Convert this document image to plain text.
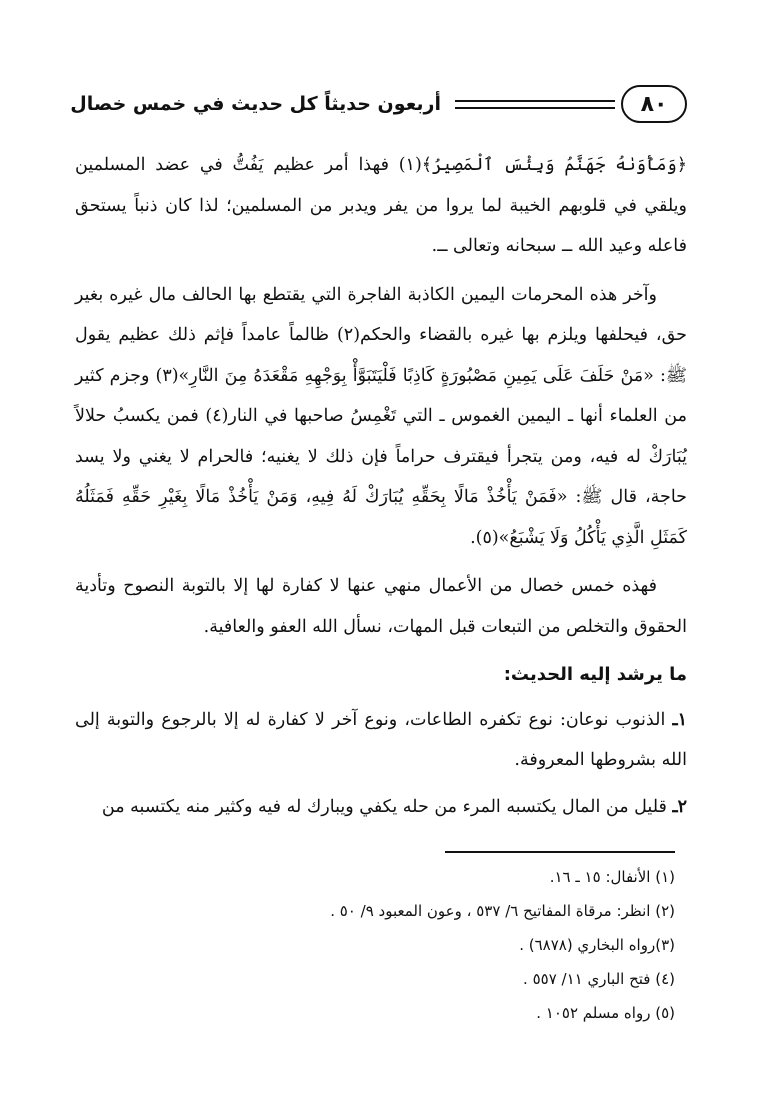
٨٠
أربعون حديثاً كل حديث في خمس خصال

﴿وَمَأْوَىٰهُ جَهَنَّمُ وَبِئْسَ ٱلْمَصِيرُ﴾(١) فهذا أمر عظيم يَفُتُّ في عضد المسلمين ويلقي في قلوبهم الخيبة لما يروا من يفر ويدبر من المسلمين؛ لذا كان ذنباً يستحق فاعله وعيد الله ــ سبحانه وتعالى ــ.

وآخر هذه المحرمات اليمين الكاذبة الفاجرة التي يقتطع بها الحالف مال غيره بغير حق، فيحلفها ويلزم بها غيره بالقضاء والحكم(٢) ظالماً عامداً فإثم ذلك عظيم يقول ﷺ: «مَنْ حَلَفَ عَلَى يَمِينِ مَصْبُورَةٍ كَاذِبًا فَلْيَتَبَوَّأْ بِوَجْهِهِ مَقْعَدَهُ مِنَ النَّارِ»(٣) وجزم كثير من العلماء أنها ـ اليمين الغموس ـ التي تَغْمِسُ صاحبها في النار(٤) فمن يكسبُ حلالاً يُبَارَكْ له فيه، ومن يتجرأ فيقترف حراماً فإن ذلك لا يغنيه؛ فالحرام لا يغني ولا يسد حاجة، قال ﷺ: «فَمَنْ يَأْخُذْ مَالًا بِحَقِّهِ يُبَارَكْ لَهُ فِيهِ، وَمَنْ يَأْخُذْ مَالًا بِغَيْرِ حَقِّهِ فَمَثَلُهُ كَمَثَلِ الَّذِي يَأْكُلُ وَلَا يَشْبَعُ»(٥).

فهذه خمس خصال من الأعمال منهي عنها لا كفارة لها إلا بالتوبة النصوح وتأدية الحقوق والتخلص من التبعات قبل المهات، نسأل الله العفو والعافية.

ما يرشد إليه الحديث:
١ـ الذنوب نوعان: نوع تكفره الطاعات، ونوع آخر لا كفارة له إلا بالرجوع والتوبة إلى الله بشروطها المعروفة.
٢ـ قليل من المال يكتسبه المرء من حله يكفي ويبارك له فيه وكثير منه يكتسبه من
(١) الأنفال: ١٥ ـ ١٦.
(٢) انظر: مرقاة المفاتيح ٦/ ٥٣٧ ، وعون المعبود ٩/ ٥٠ .
(٣)رواه البخاري (٦٨٧٨) .
(٤) فتح الباري ١١/ ٥٥٧ .
(٥) رواه مسلم ١٠٥٢ .
